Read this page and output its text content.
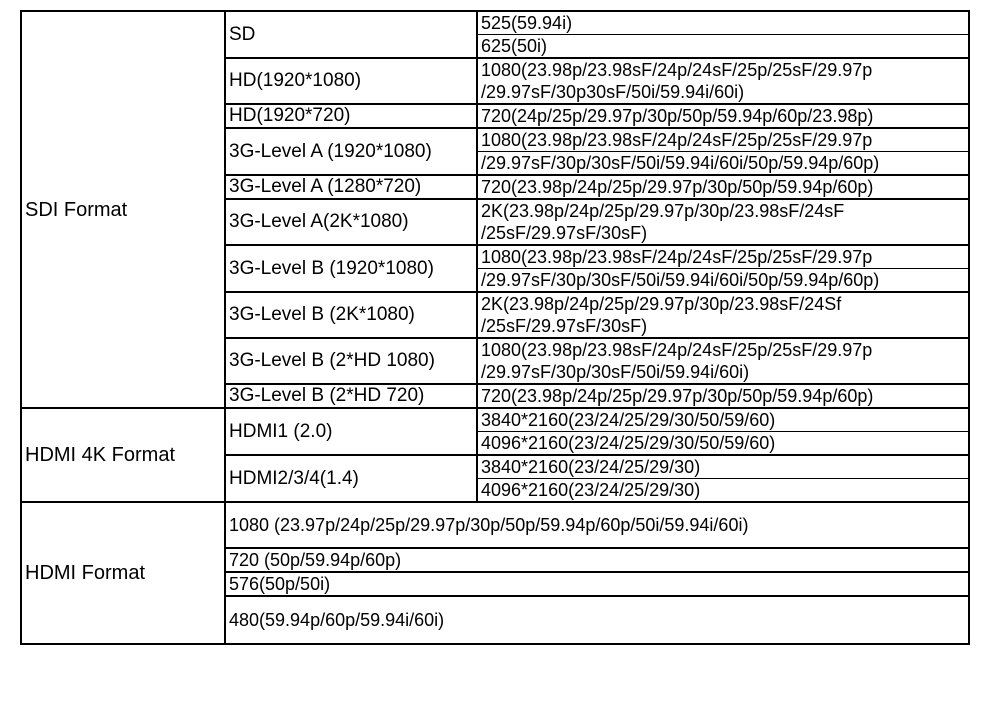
SDI Format	SD	525(59.94i)
		625(50i)
	HD(1920*1080)	1080(23.98p/23.98sF/24p/24sF/25p/25sF/29.97p
		/29.97sF/30p30sF/50i/59.94i/60i)
	HD(1920*720)	720(24p/25p/29.97p/30p/50p/59.94p/60p/23.98p)
	3G-Level A (1920*1080)	1080(23.98p/23.98sF/24p/24sF/25p/25sF/29.97p
		/29.97sF/30p/30sF/50i/59.94i/60i/50p/59.94p/60p)
	3G-Level A (1280*720)	720(23.98p/24p/25p/29.97p/30p/50p/59.94p/60p)
	3G-Level A(2K*1080)	2K(23.98p/24p/25p/29.97p/30p/23.98sF/24sF
		/25sF/29.97sF/30sF)
	3G-Level B (1920*1080)	1080(23.98p/23.98sF/24p/24sF/25p/25sF/29.97p
		/29.97sF/30p/30sF/50i/59.94i/60i/50p/59.94p/60p)
	3G-Level B (2K*1080)	2K(23.98p/24p/25p/29.97p/30p/23.98sF/24Sf
		/25sF/29.97sF/30sF)
	3G-Level B (2*HD 1080)	1080(23.98p/23.98sF/24p/24sF/25p/25sF/29.97p
		/29.97sF/30p/30sF/50i/59.94i/60i)
	3G-Level B (2*HD 720)	720(23.98p/24p/25p/29.97p/30p/50p/59.94p/60p)
HDMI 4K Format	HDMI1 (2.0)	3840*2160(23/24/25/29/30/50/59/60)
		4096*2160(23/24/25/29/30/50/59/60)
	HDMI2/3/4(1.4)	3840*2160(23/24/25/29/30)
		4096*2160(23/24/25/29/30)
HDMI Format	1080 (23.97p/24p/25p/29.97p/30p/50p/59.94p/60p/50i/59.94i/60i)	
	720 (50p/59.94p/60p)	
	576(50p/50i)	
	480(59.94p/60p/59.94i/60i)	
